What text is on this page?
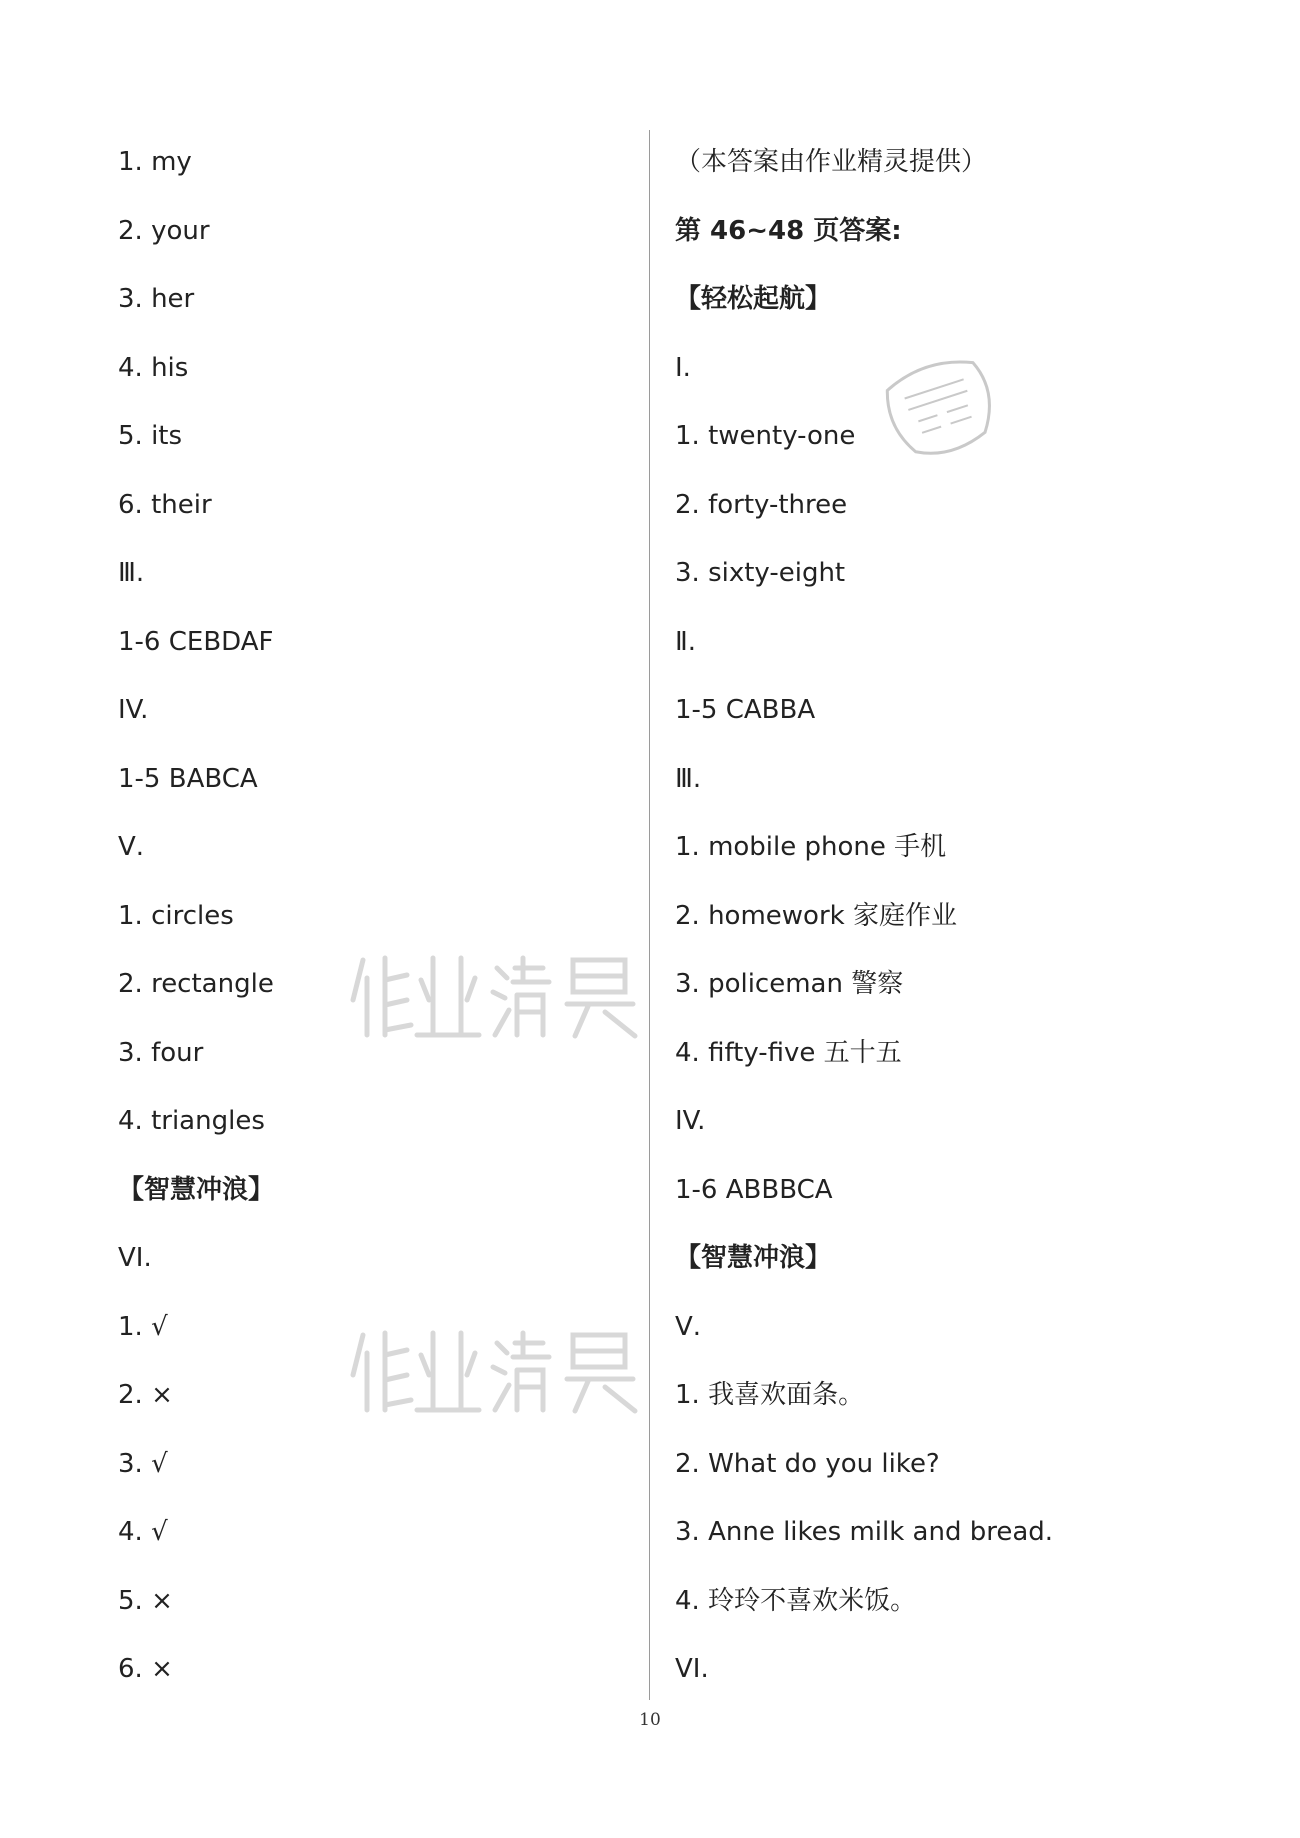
1. my
2. your
3. her
4. his
5. its
6. their
Ⅲ.
1-6 CEBDAF
IV.
1-5 BABCA
Ⅴ.
1. circles
2. rectangle
3. four
4. triangles
【智慧冲浪】
VI.
1. √
2. ×
3. √
4. √
5. ×
6. ×
（本答案由作业精灵提供）
第 46~48 页答案:
【轻松起航】
Ⅰ.
1. twenty-one
2. forty-three
3. sixty-eight
Ⅱ.
1-5 CABBA
Ⅲ.
1. mobile phone 手机
2. homework 家庭作业
3. policeman 警察
4. fifty-five 五十五
IV.
1-6 ABBBCA
【智慧冲浪】
Ⅴ.
1. 我喜欢面条。
2. What do you like?
3. Anne likes milk and bread.
4. 玲玲不喜欢米饭。
VI.
10
